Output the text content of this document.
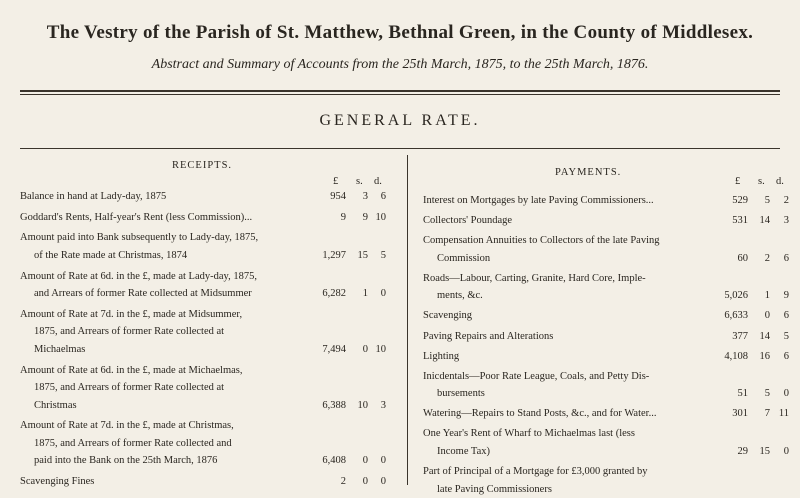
The Vestry of the Parish of St. Matthew, Bethnal Green, in the County of Middlesex.
Abstract and Summary of Accounts from the 25th March, 1875, to the 25th March, 1876.
GENERAL RATE.
RECEIPTS.
PAYMENTS.
£ s. d.	£ s. d.
Balance in hand at Lady-day, 1875	954	3	6
Goddard's Rents, Half-year's Rent (less Commission)...	9	9 10
Amount paid into Bank subsequently to Lady-day, 1875,
of the Rate made at Christmas, 1874	1,297	15	5
Amount of Rate at 6d. in the £, made at Lady-day, 1875,
and Arrears of former Rate collected at Midsummer	6,282	1	0
Amount of Rate at 7d. in the £, made at Midsummer,
1875, and Arrears of former Rate collected at
Michaelmas	7,494	0 10
Amount of Rate at 6d. in the £, made at Michaelmas,
1875, and Arrears of former Rate collected at
Christmas	6,388	10	3
Amount of Rate at 7d. in the £, made at Christmas,
1875, and Arrears of former Rate collected and
paid into the Bank on the 25th March, 1876	6,408	0	0
Scavenging Fines	2	0	0
Interest on Mortgages by late Paving Commissioners...	529	5	2
Collectors' Poundage	531	14	3
Compensation Annuities to Collectors of the late Paving
Commission	60	2	6
Roads—Labour, Carting, Granite, Hard Core, Imple-
ments, &c.	5,026	1	9
Scavenging	6,633	0	6
Paving Repairs and Alterations	377	14	5
Lighting	4,108	16	6
Inicdentals—Poor Rate League, Coals, and Petty Dis-
bursements	51	5	0
Watering—Repairs to Stand Posts, &c., and for Water...	301	7 11
One Year's Rent of Wharf to Michaelmas last (less
Income Tax)	29	15	0
Part of Principal of a Mortgage for £3,000 granted by
late Paving Commissioners
